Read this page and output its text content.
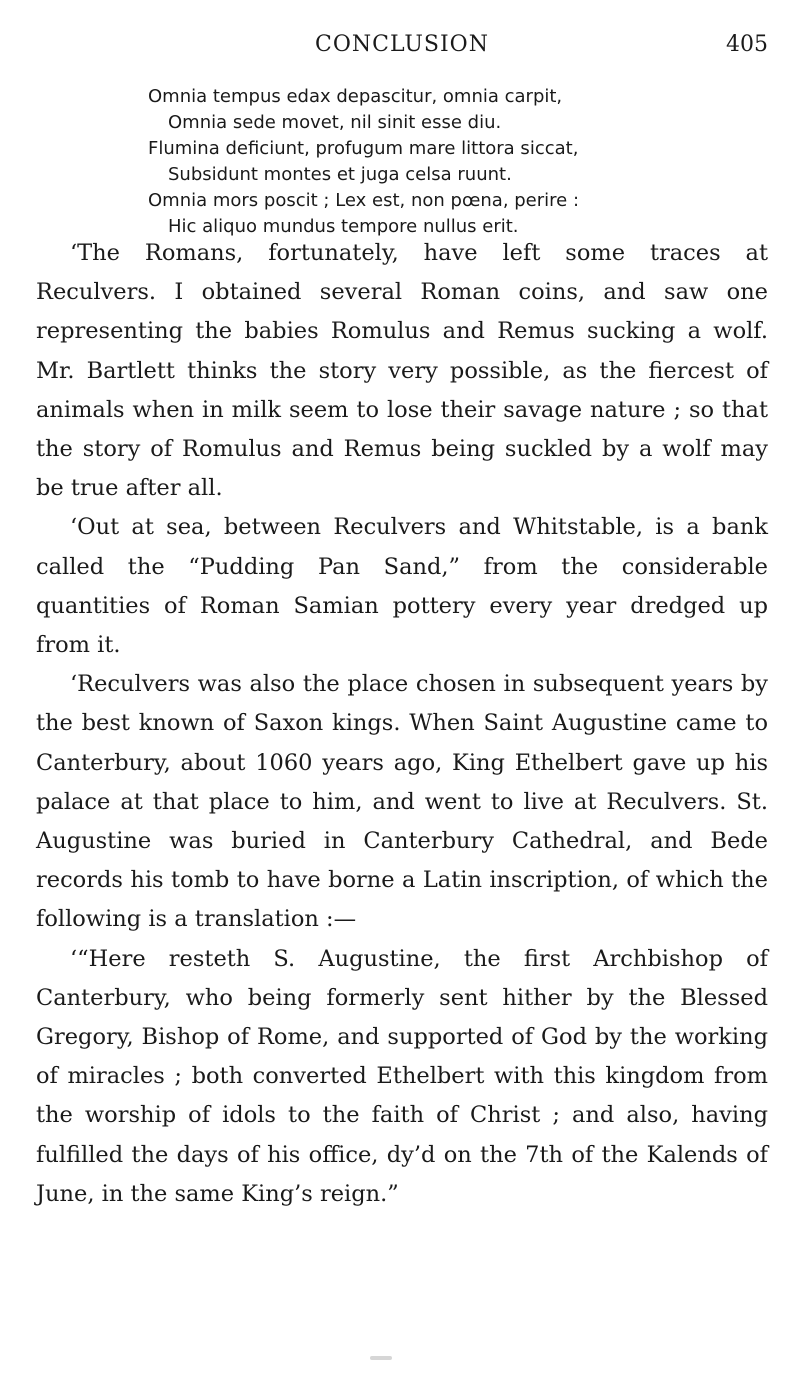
CONCLUSION	405
Omnia tempus edax depascitur, omnia carpit,
Omnia sede movet, nil sinit esse diu.
Flumina deficiunt, profugum mare littora siccat,
Subsidunt montes et juga celsa ruunt.
Omnia mors poscit ; Lex est, non pœna, perire :
Hic aliquo mundus tempore nullus erit.

‘The Romans, fortunately, have left some traces at Reculvers. I obtained several Roman coins, and saw one representing the babies Romulus and Remus sucking a wolf. Mr. Bartlett thinks the story very possible, as the fiercest of animals when in milk seem to lose their savage nature ; so that the story of Romulus and Remus being suckled by a wolf may be true after all.

‘Out at sea, between Reculvers and Whitstable, is a bank called the “Pudding Pan Sand,” from the considerable quantities of Roman Samian pottery every year dredged up from it.

‘Reculvers was also the place chosen in subsequent years by the best known of Saxon kings. When Saint Augustine came to Canterbury, about 1060 years ago, King Ethelbert gave up his palace at that place to him, and went to live at Reculvers. St. Augustine was buried in Canterbury Cathedral, and Bede records his tomb to have borne a Latin inscription, of which the following is a translation :—

‘“Here resteth S. Augustine, the first Archbishop of Canterbury, who being formerly sent hither by the Blessed Gregory, Bishop of Rome, and supported of God by the working of miracles ; both converted Ethelbert with this kingdom from the worship of idols to the faith of Christ ; and also, having fulfilled the days of his office, dy’d on the 7th of the Kalends of June, in the same King’s reign.”
